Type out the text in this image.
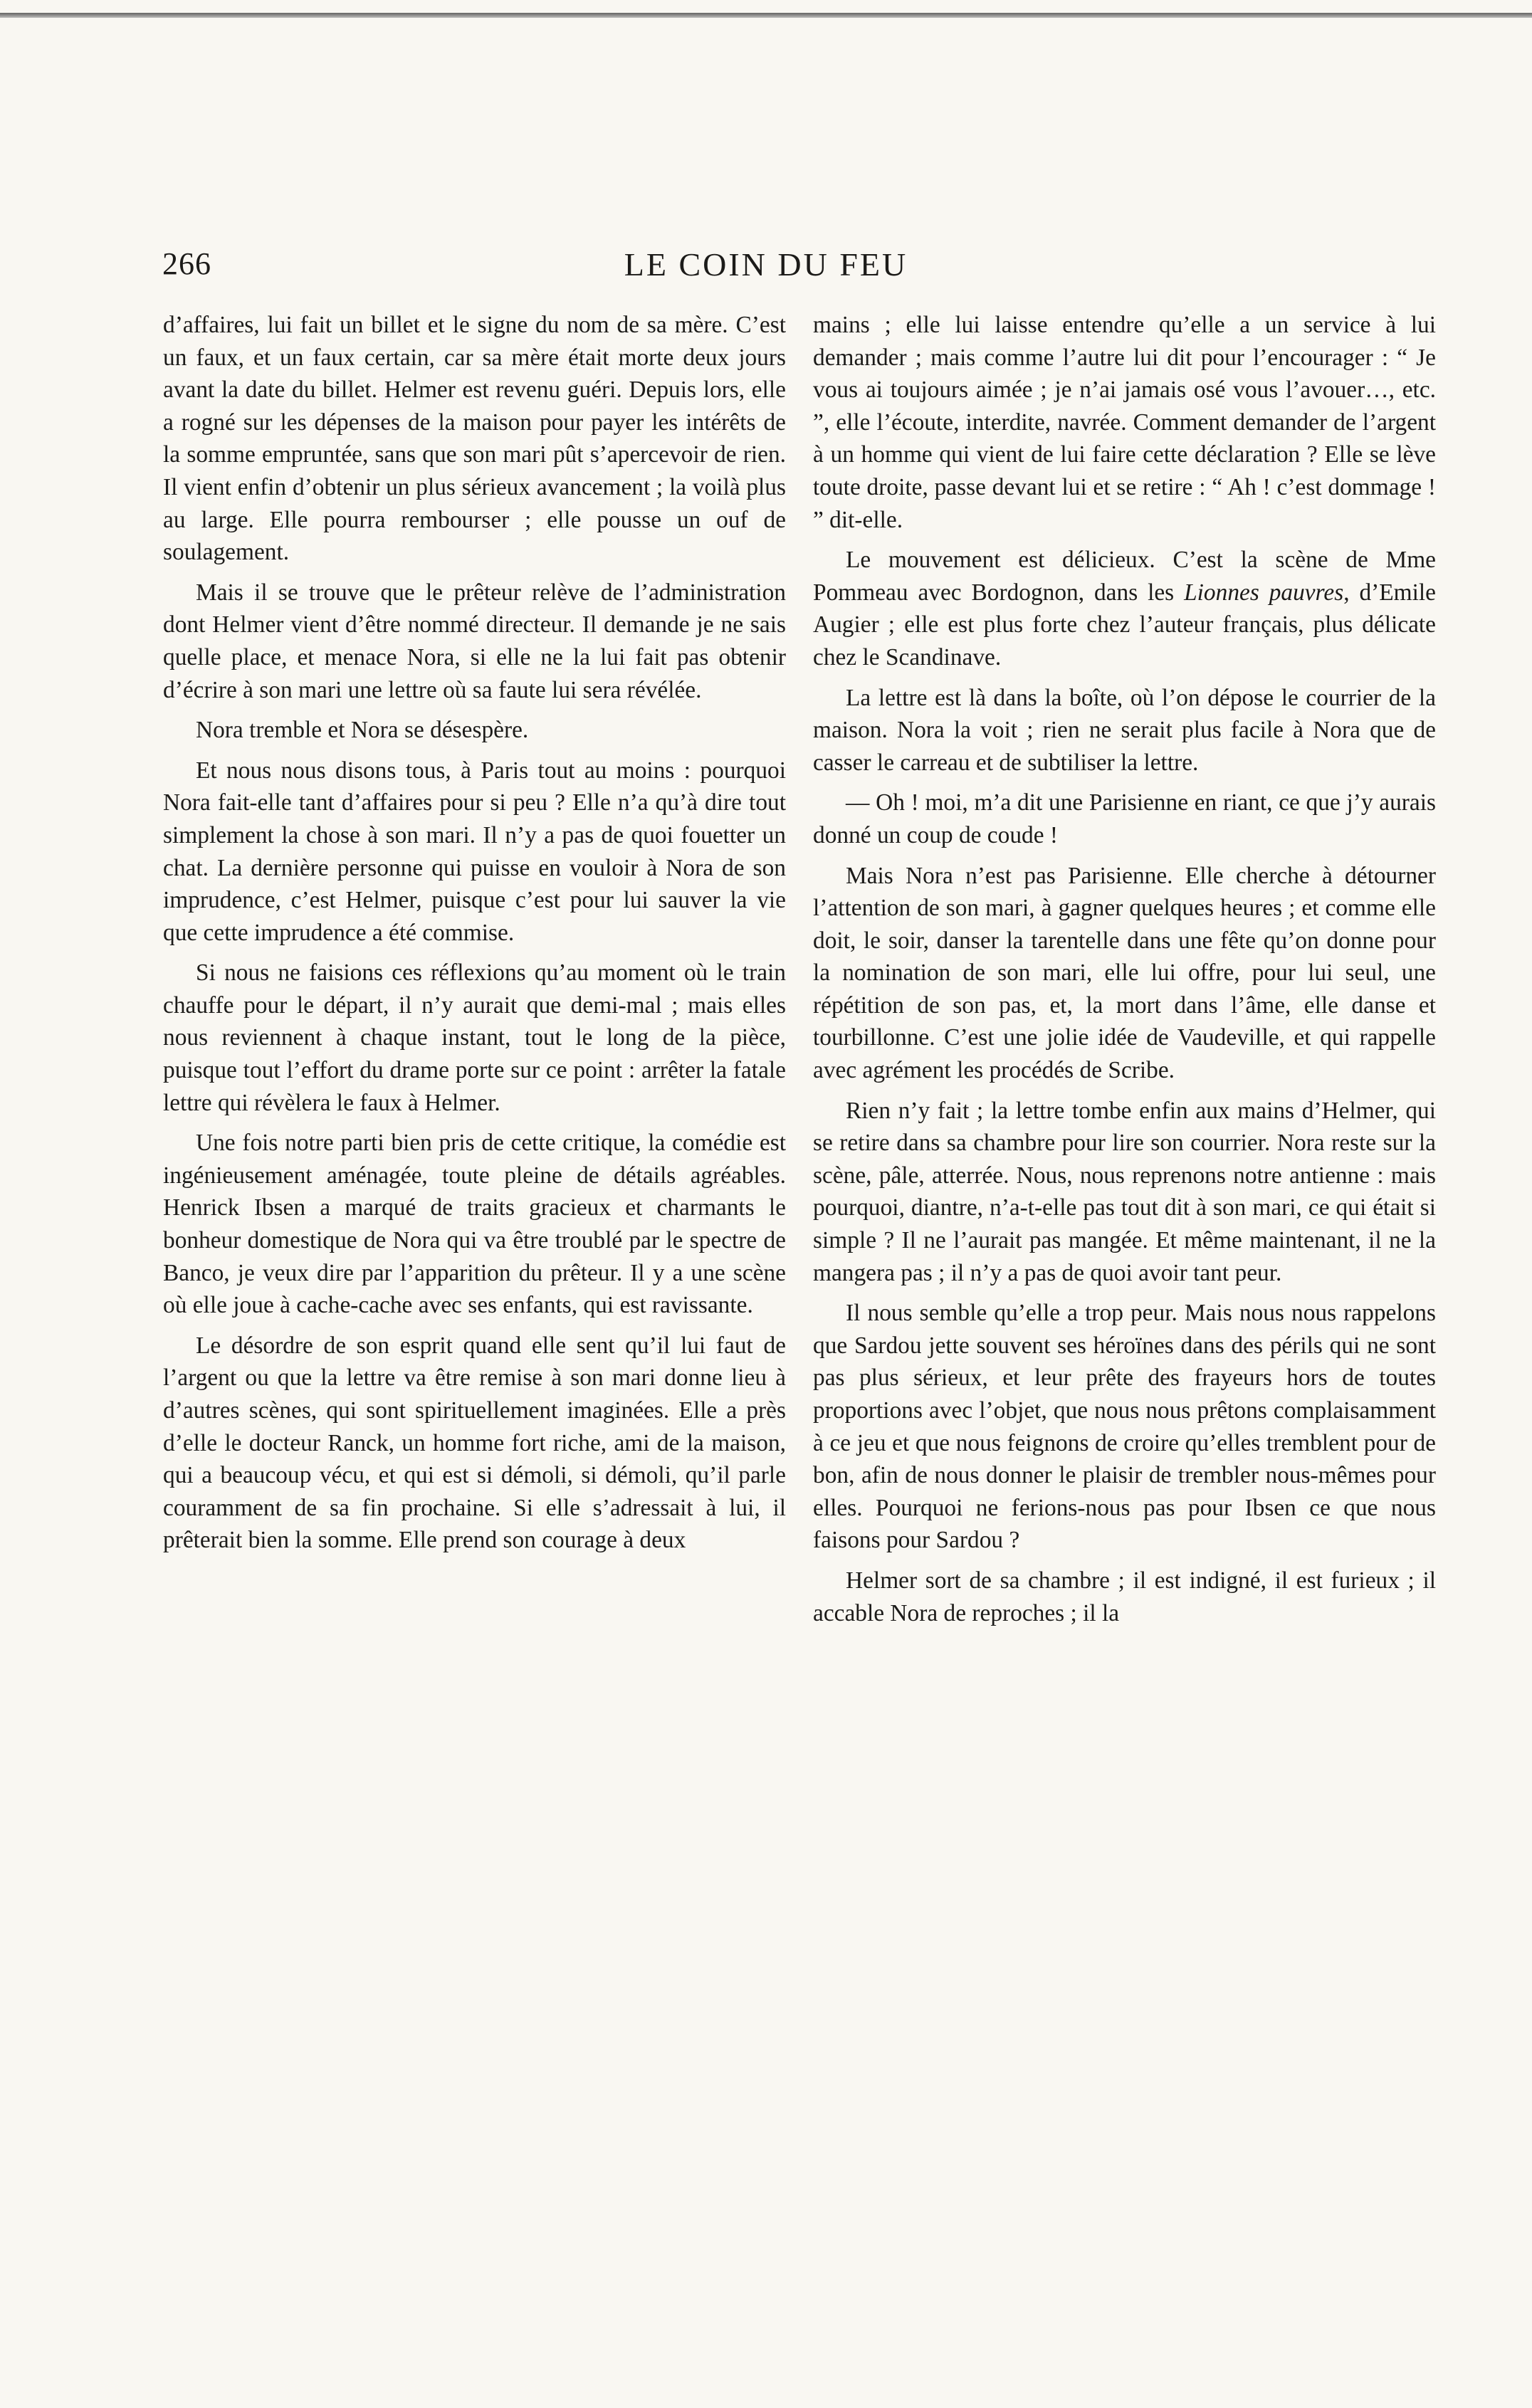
266	LE COIN DU FEU

d’affaires, lui fait un billet et le signe du nom de sa mère. C’est un faux, et un faux certain, car sa mère était morte deux jours avant la date du billet. Helmer est revenu guéri. Depuis lors, elle a rogné sur les dépenses de la maison pour payer les intérêts de la somme empruntée, sans que son mari pût s’apercevoir de rien. Il vient enfin d’obtenir un plus sérieux avancement ; la voilà plus au large. Elle pourra rembourser ; elle pousse un ouf de soulagement.

Mais il se trouve que le prêteur relève de l’administration dont Helmer vient d’être nommé directeur. Il demande je ne sais quelle place, et menace Nora, si elle ne la lui fait pas obtenir d’écrire à son mari une lettre où sa faute lui sera révélée.

Nora tremble et Nora se désespère.

Et nous nous disons tous, à Paris tout au moins : pourquoi Nora fait-elle tant d’affaires pour si peu ? Elle n’a qu’à dire tout simplement la chose à son mari. Il n’y a pas de quoi fouetter un chat. La dernière personne qui puisse en vouloir à Nora de son imprudence, c’est Helmer, puisque c’est pour lui sauver la vie que cette imprudence a été commise.

Si nous ne faisions ces réflexions qu’au moment où le train chauffe pour le départ, il n’y aurait que demi-mal ; mais elles nous reviennent à chaque instant, tout le long de la pièce, puisque tout l’effort du drame porte sur ce point : arrêter la fatale lettre qui révèlera le faux à Helmer.

Une fois notre parti bien pris de cette critique, la comédie est ingénieusement aménagée, toute pleine de détails agréables. Henrick Ibsen a marqué de traits gracieux et charmants le bonheur domestique de Nora qui va être troublé par le spectre de Banco, je veux dire par l’apparition du prêteur. Il y a une scène où elle joue à cache-cache avec ses enfants, qui est ravissante.

Le désordre de son esprit quand elle sent qu’il lui faut de l’argent ou que la lettre va être remise à son mari donne lieu à d’autres scènes, qui sont spirituellement imaginées. Elle a près d’elle le docteur Ranck, un homme fort riche, ami de la maison, qui a beaucoup vécu, et qui est si démoli, si démoli, qu’il parle couramment de sa fin prochaine. Si elle s’adressait à lui, il prêterait bien la somme. Elle prend son courage à deux

mains ; elle lui laisse entendre qu’elle a un service à lui demander ; mais comme l’autre lui dit pour l’encourager : “ Je vous ai toujours aimée ; je n’ai jamais osé vous l’avouer…, etc. ”, elle l’écoute, interdite, navrée. Comment demander de l’argent à un homme qui vient de lui faire cette déclaration ? Elle se lève toute droite, passe devant lui et se retire : “ Ah ! c’est dommage ! ” dit-elle.

Le mouvement est délicieux. C’est la scène de Mme Pommeau avec Bordognon, dans les Lionnes pauvres, d’Emile Augier ; elle est plus forte chez l’auteur français, plus délicate chez le Scandinave.

La lettre est là dans la boîte, où l’on dépose le courrier de la maison. Nora la voit ; rien ne serait plus facile à Nora que de casser le carreau et de subtiliser la lettre.

— Oh ! moi, m’a dit une Parisienne en riant, ce que j’y aurais donné un coup de coude !

Mais Nora n’est pas Parisienne. Elle cherche à détourner l’attention de son mari, à gagner quelques heures ; et comme elle doit, le soir, danser la tarentelle dans une fête qu’on donne pour la nomination de son mari, elle lui offre, pour lui seul, une répétition de son pas, et, la mort dans l’âme, elle danse et tourbillonne. C’est une jolie idée de Vaudeville, et qui rappelle avec agrément les procédés de Scribe.

Rien n’y fait ; la lettre tombe enfin aux mains d’Helmer, qui se retire dans sa chambre pour lire son courrier. Nora reste sur la scène, pâle, atterrée. Nous, nous reprenons notre antienne : mais pourquoi, diantre, n’a-t-elle pas tout dit à son mari, ce qui était si simple ? Il ne l’aurait pas mangée. Et même maintenant, il ne la mangera pas ; il n’y a pas de quoi avoir tant peur.

Il nous semble qu’elle a trop peur. Mais nous nous rappelons que Sardou jette souvent ses héroïnes dans des périls qui ne sont pas plus sérieux, et leur prête des frayeurs hors de toutes proportions avec l’objet, que nous nous prêtons complaisamment à ce jeu et que nous feignons de croire qu’elles tremblent pour de bon, afin de nous donner le plaisir de trembler nous-mêmes pour elles. Pourquoi ne ferions-nous pas pour Ibsen ce que nous faisons pour Sardou ?

Helmer sort de sa chambre ; il est indigné, il est furieux ; il accable Nora de reproches ; il la
